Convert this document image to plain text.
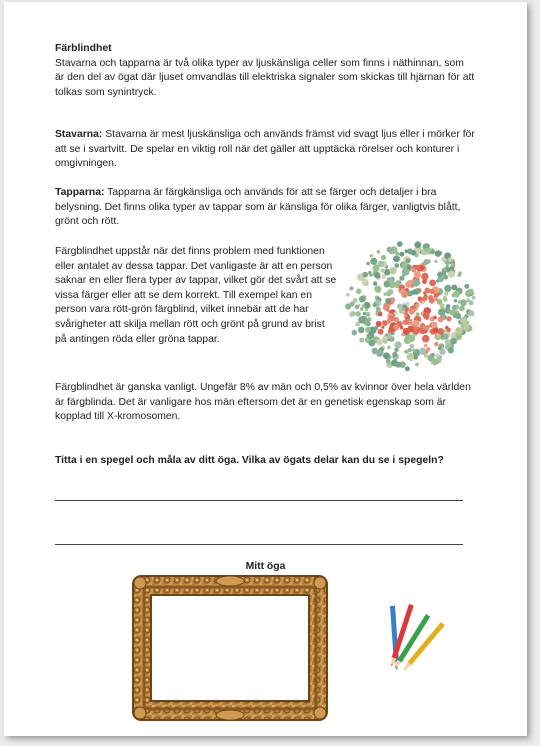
Färblindhet
Stavarna och tapparna är två olika typer av ljuskänsliga celler som finns i näthinnan, som är den del av ögat där ljuset omvandlas till elektriska signaler som skickas till hjärnan för att tolkas som synintryck.
Stavarna: Stavarna är mest ljuskänsliga och används främst vid svagt ljus eller i mörker för att se i svartvitt. De spelar en viktig roll när det gäller att upptäcka rörelser och konturer i omgivningen.
Tapparna: Tapparna är färgkänsliga och används för att se färger och detaljer i bra belysning. Det finns olika typer av tappar som är känsliga för olika färger, vanligtvis blått, grönt och rött.
Färgblindhet uppstår när det finns problem med funktionen eller antalet av dessa tappar. Det vanligaste är att en person saknar en eller flera typer av tappar, vilket gör det svårt att se vissa färger eller att se dem korrekt. Till exempel kan en person vara rött-grön färgblind, vilket innebär att de har svårigheter att skilja mellan rött och grönt på grund av brist på antingen röda eller gröna tappar.
Färgblindhet är ganska vanligt. Ungefär 8% av män och 0,5% av kvinnor över hela världen är färgblinda. Det är vanligare hos män eftersom det är en genetisk egenskap som är kopplad till X-kromosomen.
Titta i en spegel och måla av ditt öga. Vilka av ögats delar kan du se i spegeln?
Mitt öga
